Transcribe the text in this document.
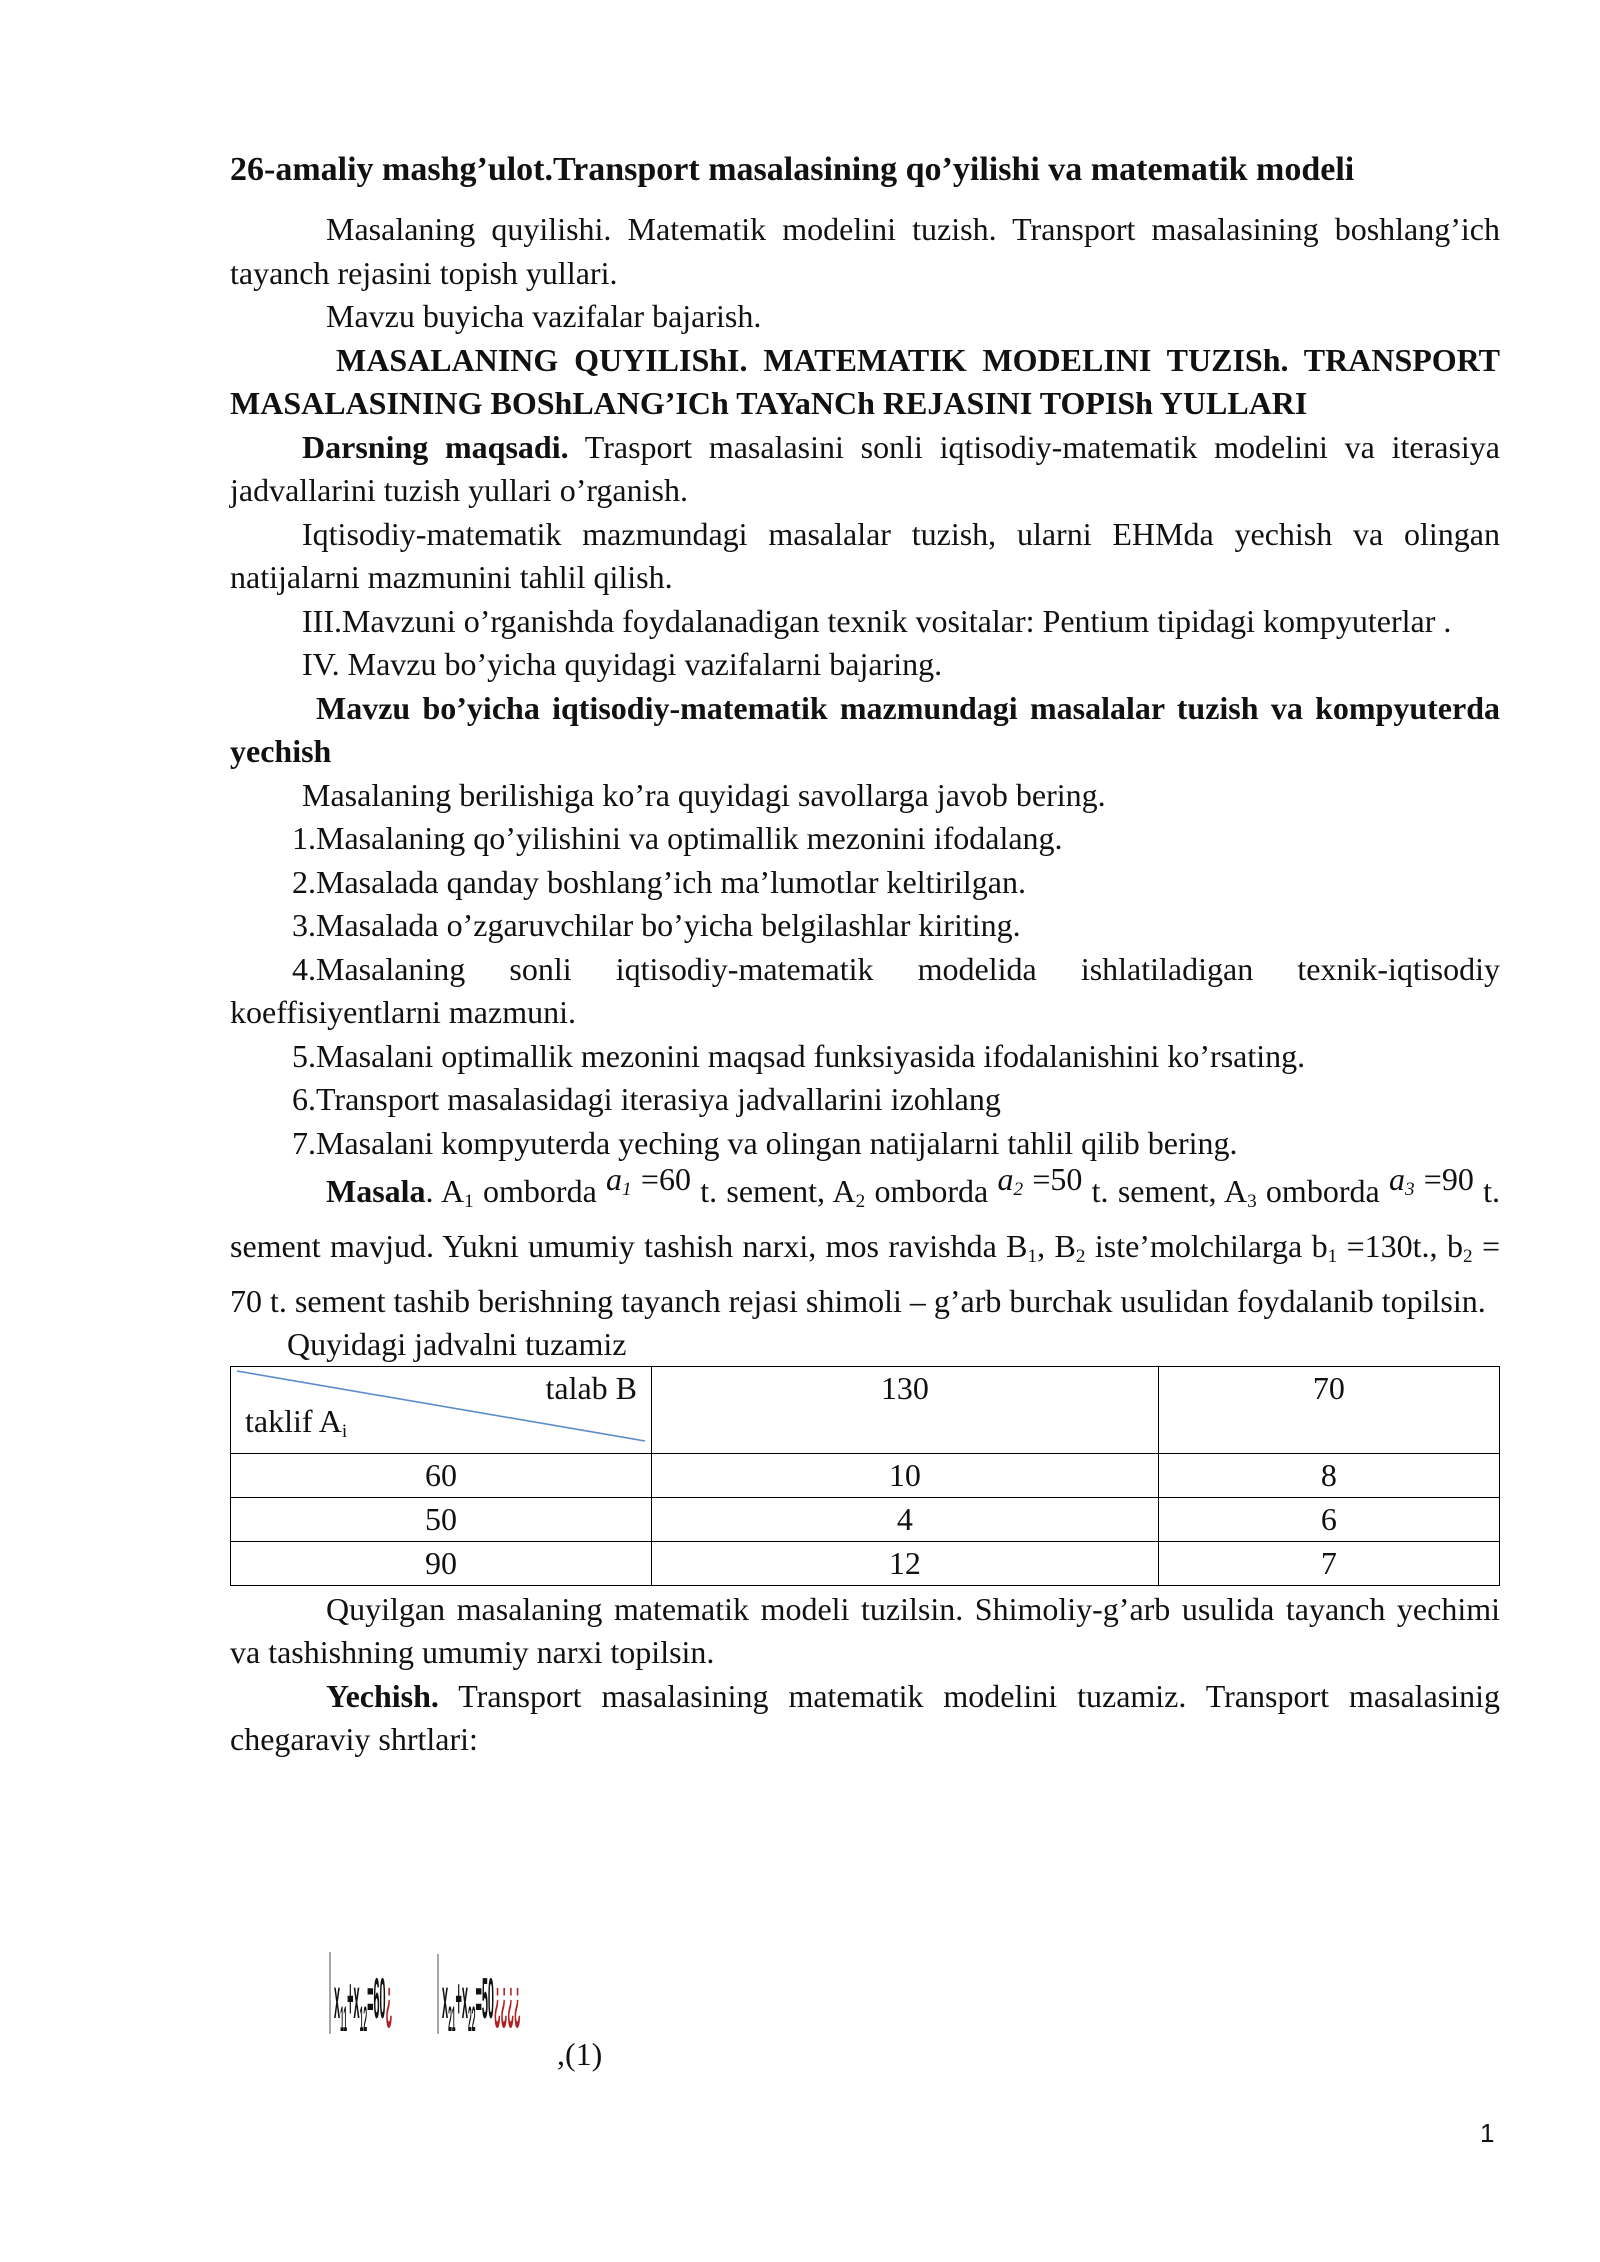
26-amaliy mashg’ulot.Transport masalasining qo’yilishi va matematik modeli

Masalaning quyilishi. Matematik modelini tuzish. Transport masalasining boshlang’ich tayanch rejasini topish yullari.

Mavzu buyicha vazifalar bajarish.

MASALANING QUYILIShI. MATEMATIK MODELINI TUZISh. TRANSPORT MASALASINING BOShLANG’ICh TAYaNCh REJASINI TOPISh YULLARI

Darsning maqsadi. Trasport masalasini sonli iqtisodiy-matematik modelini va iterasiya jadvallarini tuzish yullari o’rganish.

Iqtisodiy-matematik mazmundagi masalalar tuzish, ularni EHMda yechish va olingan natijalarni mazmunini tahlil qilish.

III.Mavzuni o’rganishda foydalanadigan texnik vositalar: Pentium tipidagi kompyuterlar .

IV. Mavzu bo’yicha quyidagi vazifalarni bajaring.

Mavzu bo’yicha iqtisodiy-matematik mazmundagi masalalar tuzish va kompyuterda yechish

Masalaning berilishiga ko’ra quyidagi savollarga javob bering.

1.Masalaning qo’yilishini va optimallik mezonini ifodalang.

2.Masalada qanday boshlang’ich ma’lumotlar keltirilgan.

3.Masalada o’zgaruvchilar bo’yicha belgilashlar kiriting.

4.Masalaning sonli iqtisodiy-matematik modelida ishlatiladigan texnik-iqtisodiy koeffisiyentlarni mazmuni.

5.Masalani optimallik mezonini maqsad funksiyasida ifodalanishini ko’rsating.

6.Transport masalasidagi iterasiya jadvallarini izohlang

7.Masalani kompyuterda yeching va olingan natijalarni tahlil qilib bering.

Masala. $A_1$ omborda $a_1 =60$ t. sement, $A_2$ omborda $a_2 =50$ t. sement, $A_3$ omborda $a_3 =90$ t. sement mavjud. Yukni umumiy tashish narxi, mos ravishda $B_1$, $B_2$ iste’molchilarga $b_1 =130t$., $b_2 = 70$ t. sement tashib berishning tayanch rejasi shimoli – g’arb burchak usulidan foydalanib topilsin.

Quyidagi jadvalni tuzamiz

talab B
taklif $A_i$	130	70
60	10	8
50	4	6
90	12	7

Quyilgan masalaning matematik modeli tuzilsin. Shimoliy-g’arb usulida tayanch yechimi va tashishning umumiy narxi topilsin.

Yechish. Transport masalasining matematik modelini tuzamiz. Transport masalasinig chegaraviy shrtlari:

$x_{11}+x_{12}=60¿$ $x_{21}+x_{22}=50¿¿¿¿$
,(1)
1
